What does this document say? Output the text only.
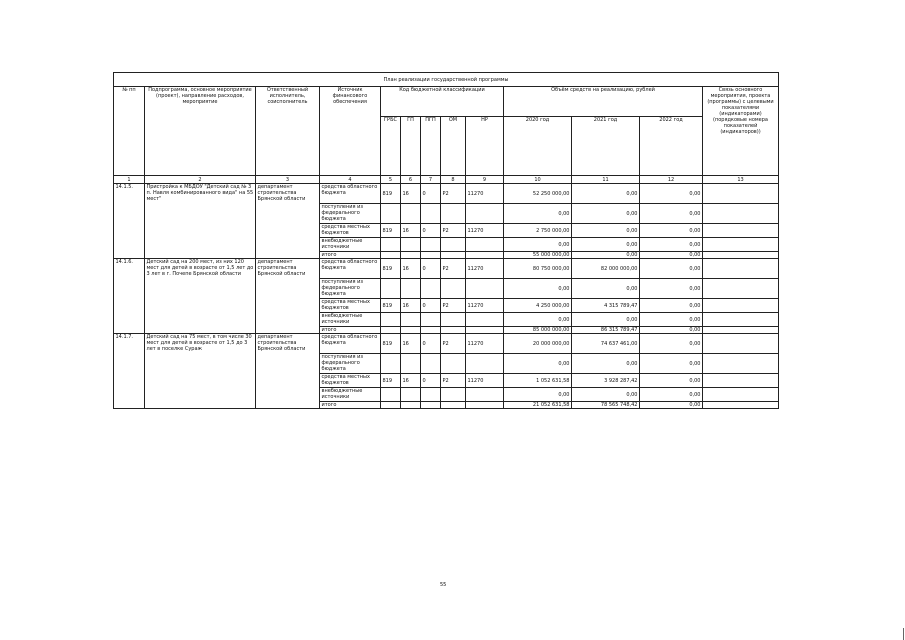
План реализации государственной программы												
№ пп	Подпрограмма, основное мероприятие (проект), направление расходов, мероприятие	Ответственный исполнитель, соисполнитель	Источник финансового обеспечения	Код бюджетной классификации					Объём средств на реализацию, рублей			Связь основного мероприятия, проекта (программы) с целевыми показателями (индикаторами) (порядковые номера показателей (индикаторов))
				ГРБС	ГП	ПГП	ОМ	НР	2020 год	2021 год	2022 год	
1	2	3	4	5	6	7	8	9	10	11	12	13
14.1.5.	Пристройка к МБДОУ "Детский сад № 3 п. Навля комбинированного вида" на 55 мест"	департамент строительства Брянской области	средства областного бюджета	819	16	0	Р2	11270	52 250 000,00	0,00	0,00	
			поступления из федерального бюджета						0,00	0,00	0,00	
			средства местных бюджетов	819	16	0	Р2	11270	2 750 000,00	0,00	0,00	
			внебюджетные источники						0,00	0,00	0,00	
			итого						55 000 000,00	0,00	0,00	
14.1.6.	Детский сад на 200 мест, из них 120 мест для детей в возрасте от 1,5 лет до 3 лет в г. Почепе Брянской области	департамент строительства Брянской области	средства областного бюджета	819	16	0	Р2	11270	80 750 000,00	82 000 000,00	0,00	
			поступления из федерального бюджета						0,00	0,00	0,00	
			средства местных бюджетов	819	16	0	Р2	11270	4 250 000,00	4 315 789,47	0,00	
			внебюджетные источники						0,00	0,00	0,00	
			итого						85 000 000,00	86 315 789,47	0,00	
14.1.7.	Детский сад на 75 мест, в том числе 30 мест для детей в возрасте от 1,5 до 3 лет в поселке Сураж	департамент строительства Брянской области	средства областного бюджета	819	16	0	Р2	11270	20 000 000,00	74 637 461,00	0,00	
			поступления из федерального бюджета						0,00	0,00	0,00	
			средства местных бюджетов	819	16	0	Р2	11270	1 052 631,58	3 928 287,42	0,00	
			внебюджетные источники						0,00	0,00	0,00	
			итого						21 052 631,58	78 565 748,42	0,00	
55
